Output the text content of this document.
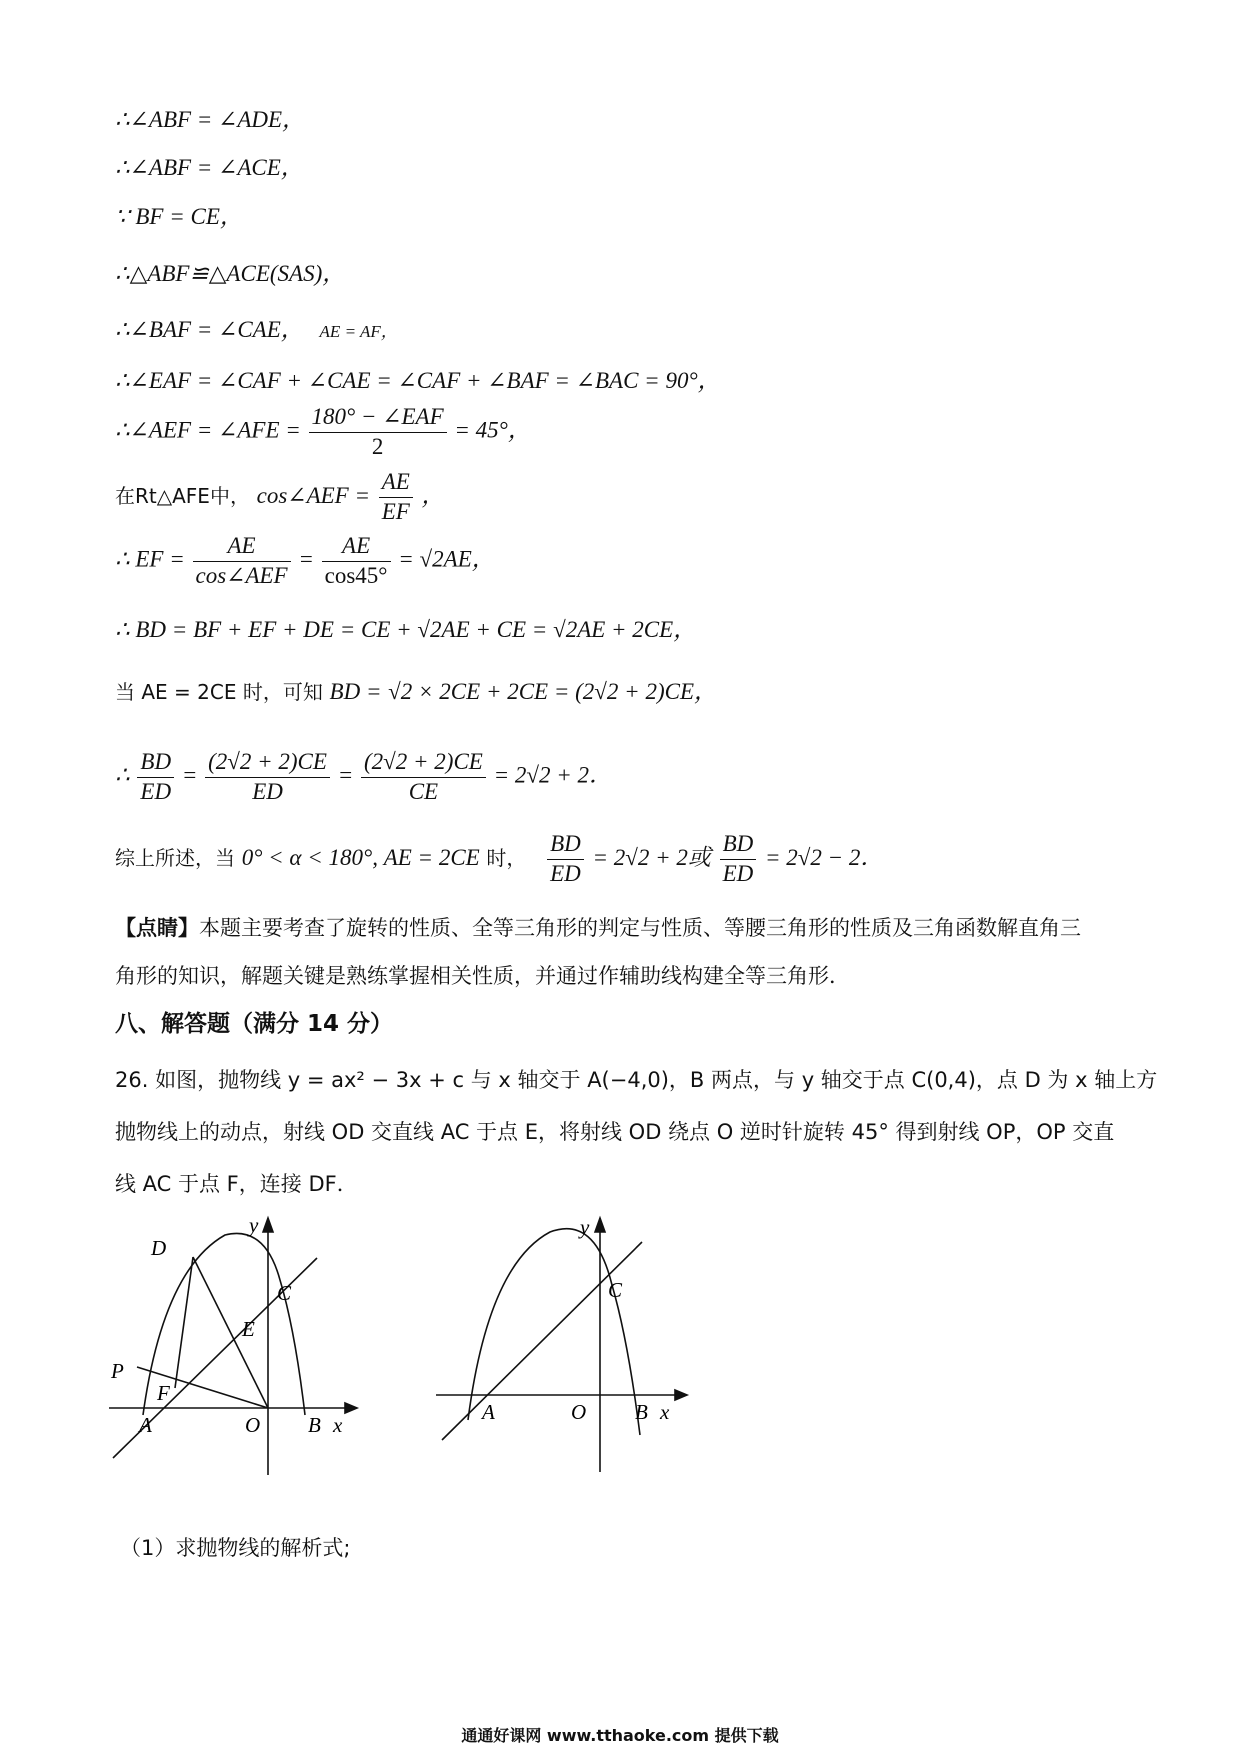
∴∠ABF = ∠ADE，
∴∠ABF = ∠ACE，
∵ BF = CE，
∴△ABF≌△ACE(SAS)，
∴∠BAF = ∠CAE， AE = AF，
∴∠EAF = ∠CAF + ∠CAE = ∠CAF + ∠BAF = ∠BAC = 90°，
∴∠AEF = ∠AFE = $\frac{\text{180° − ∠EAF}}{2} = 45^\circ$，
在Rt△AFE中， cos∠AEF = $\frac{AE}{EF}$ ，
∴ EF = $\frac{AE}{\text{cos∠AEF}} = \frac{AE}{\cos 45^\circ} = √2AE$，
∴ BD = BF + EF + DE = CE + √2AE + CE = √2AE + 2CE，
当 AE = 2CE 时，可知 BD = √2 × 2CE + 2CE = (2√2 + 2)CE，
∴ $\frac{BD}{ED} = \frac{(2√2 + 2)CE}{ED} = \frac{(2√2 + 2)CE}{CE} = 2√2 + 2$．
综上所述，当 0° < α < 180°, AE = 2CE 时， $\frac{BD}{ED} = 2√2 + 2$或 $\frac{BD}{ED} = 2√2 - 2$．
【点睛】本题主要考查了旋转的性质、全等三角形的判定与性质、等腰三角形的性质及三角函数解直角三
角形的知识，解题关键是熟练掌握相关性质，并通过作辅助线构建全等三角形．
八、解答题（满分 14 分）
26. 如图，抛物线 y = ax² − 3x + c 与 x 轴交于 A(−4,0)，B 两点，与 y 轴交于点 C(0,4)，点 D 为 x 轴上方
抛物线上的动点，射线 OD 交直线 AC 于点 E，将射线 OD 绕点 O 逆时针旋转 45° 得到射线 OP，OP 交直
线 AC 于点 F，连接 DF．
y
D
C
E
P
F
A	O B x
y
C
A	O B x
（1）求抛物线的解析式;
通通好课网 www.tthaoke.com 提供下载
